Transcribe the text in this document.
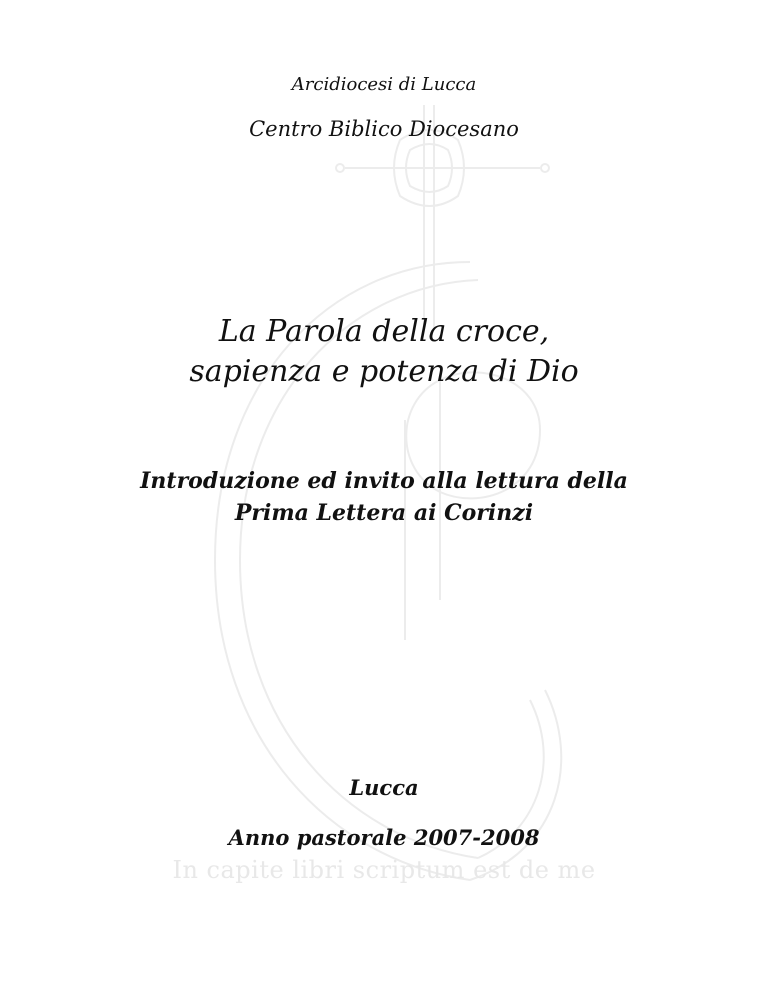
Arcidiocesi di Lucca
Centro Biblico Diocesano
La Parola della croce,
sapienza e potenza di Dio
Introduzione ed invito alla lettura della
Prima Lettera ai Corinzi
Lucca
Anno pastorale 2007-2008
In capite libri scriptum est de me
